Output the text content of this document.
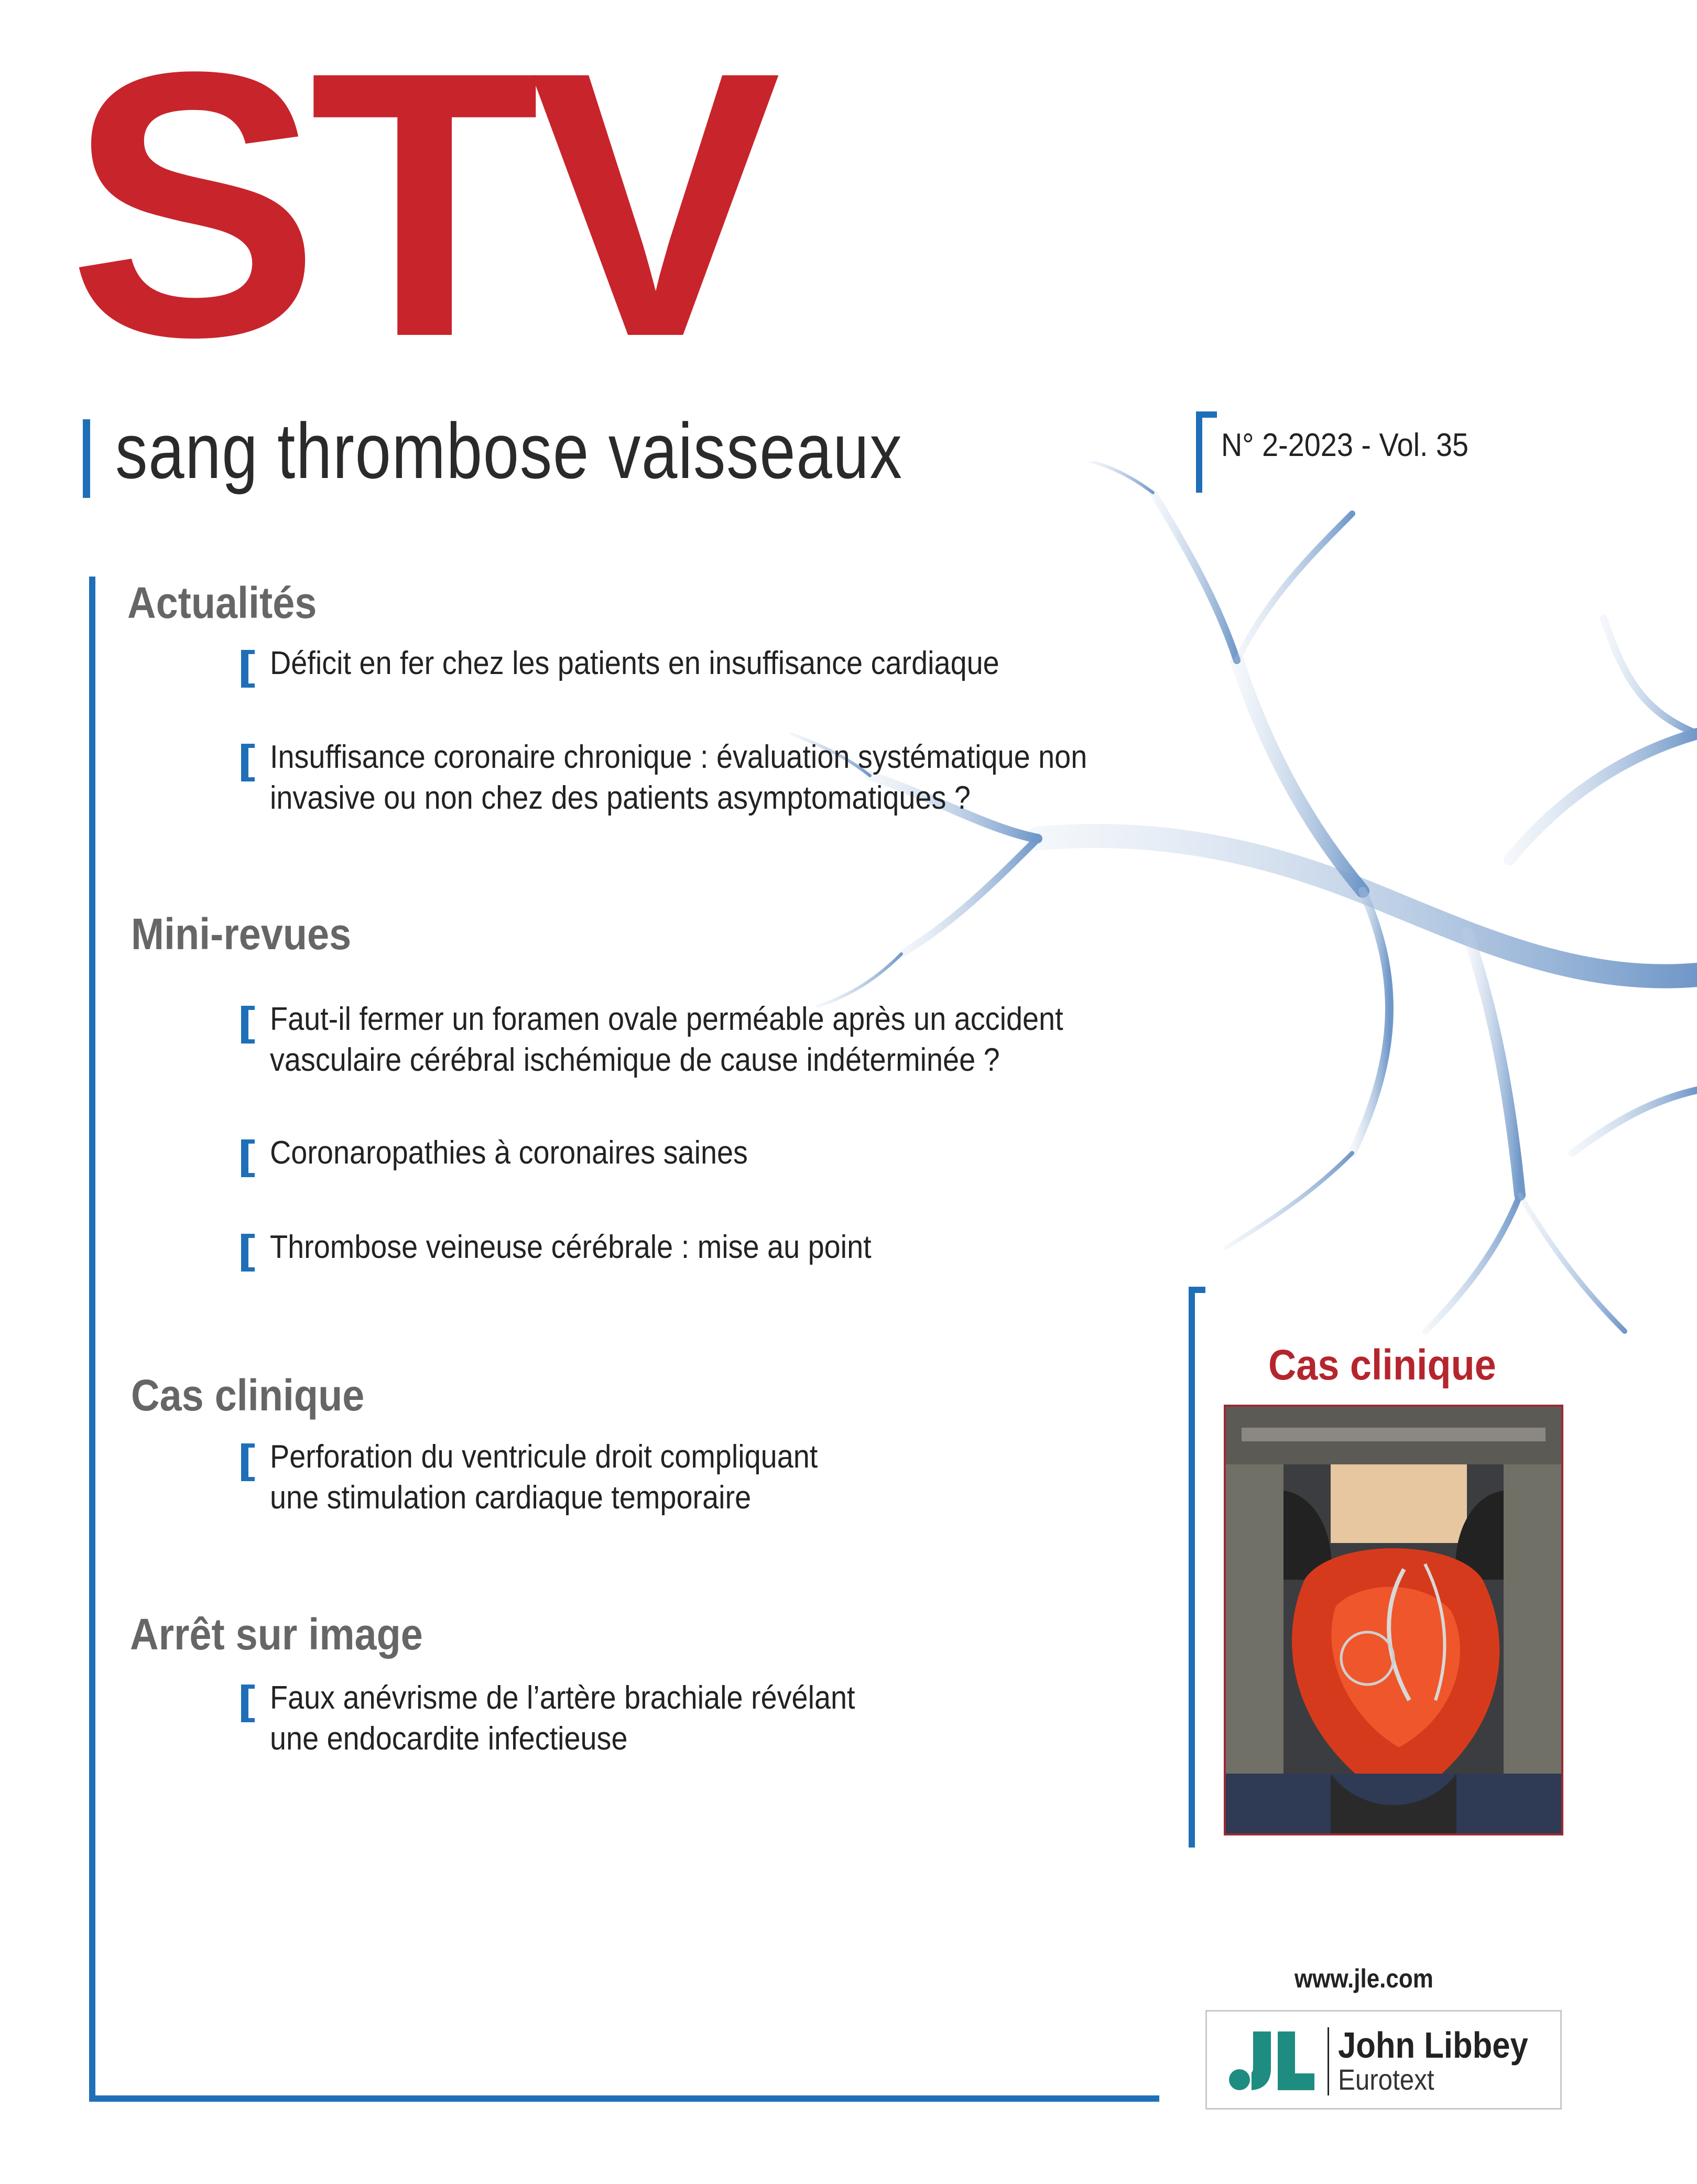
STV
sang thrombose vaisseaux	N° 2-2023 - Vol. 35
Actualités
Déficit en fer chez les patients en insuffisance cardiaque
Insuffisance coronaire chronique : évaluation systématique non
invasive ou non chez des patients asymptomatiques ?
Mini-revues
Faut-il fermer un foramen ovale perméable après un accident
vasculaire cérébral ischémique de cause indéterminée ?
Coronaropathies à coronaires saines
Thrombose veineuse cérébrale : mise au point
Cas clinique
Perforation du ventricule droit compliquant
une stimulation cardiaque temporaire
Arrêt sur image
Faux anévrisme de l’artère brachiale révélant
une endocardite infectieuse
Cas clinique
www.jle.com
John Libbey
Eurotext
